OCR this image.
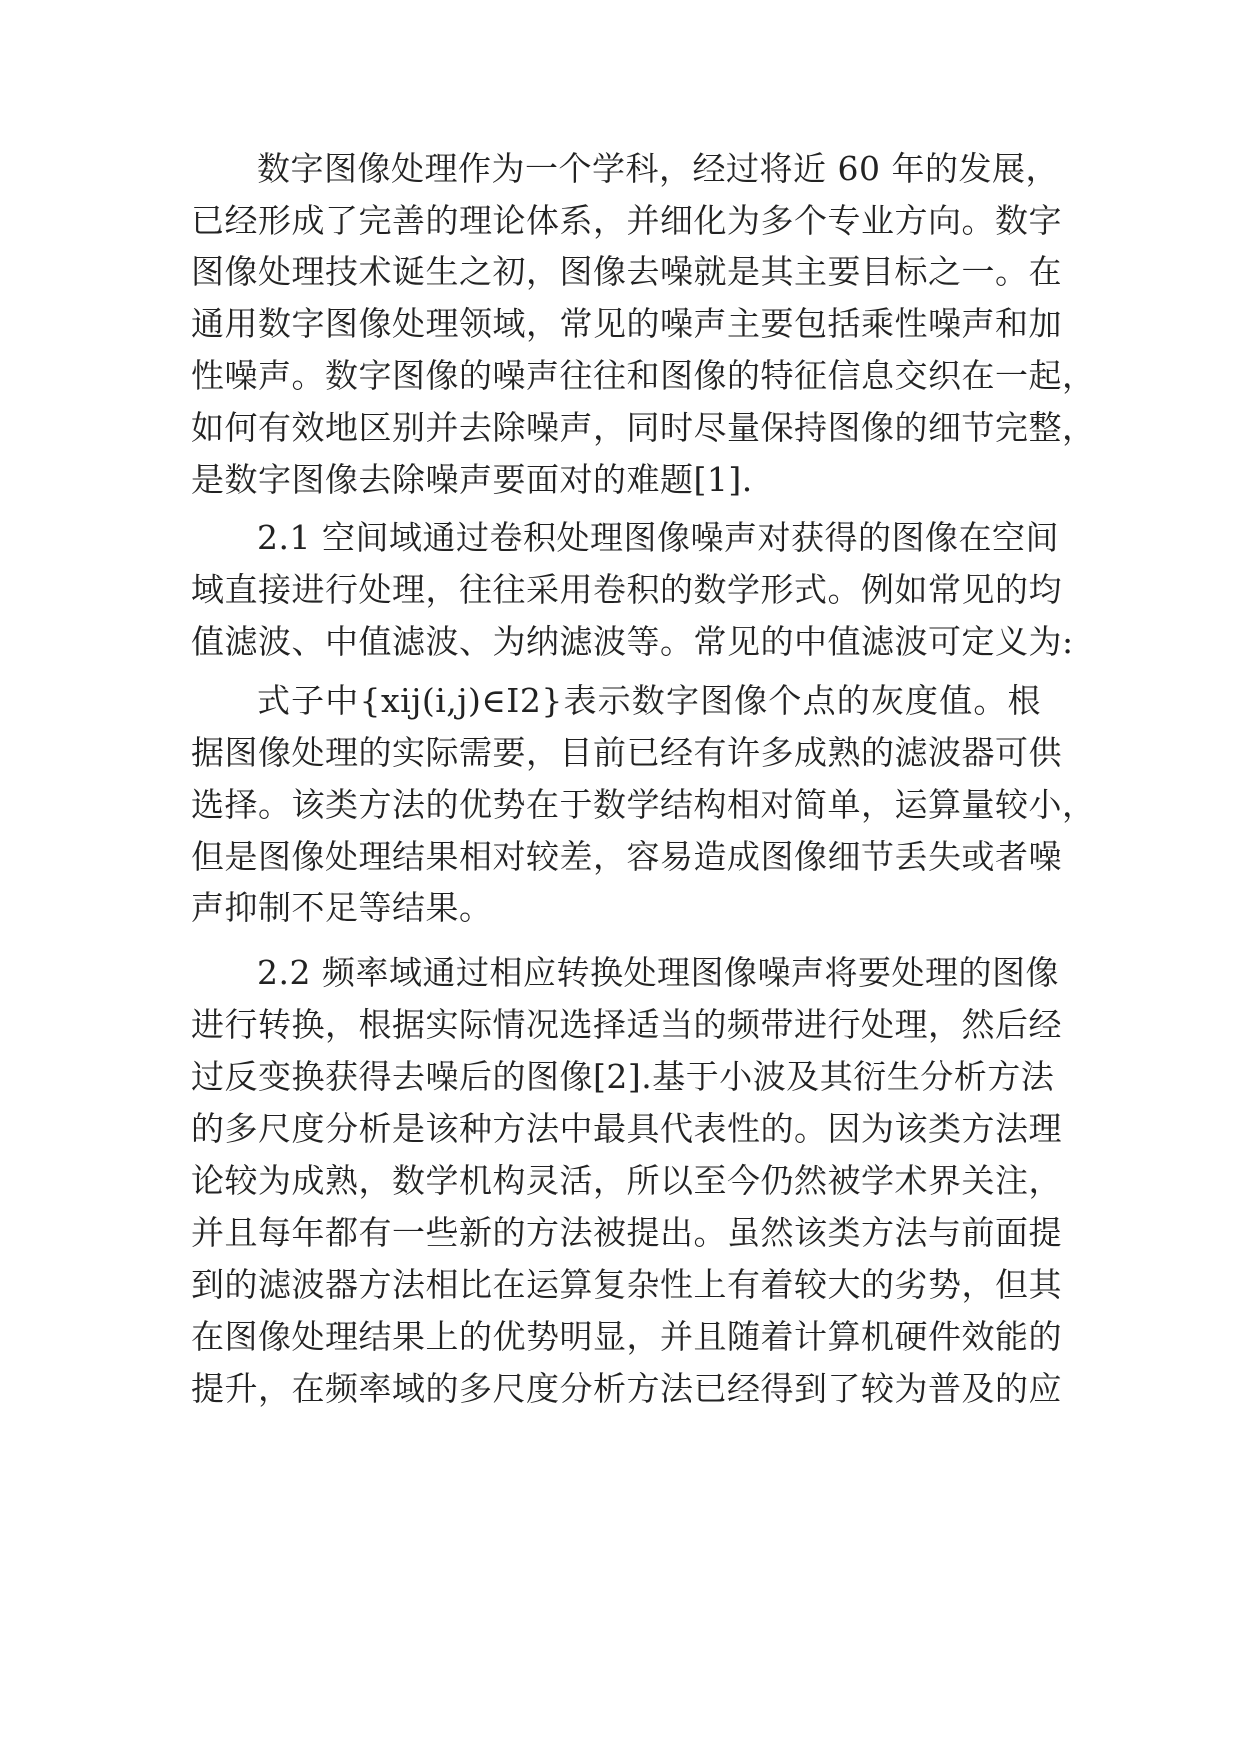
数字图像处理作为一个学科，经过将近 60 年的发展，
已经形成了完善的理论体系，并细化为多个专业方向。数字
图像处理技术诞生之初，图像去噪就是其主要目标之一。在
通用数字图像处理领域，常见的噪声主要包括乘性噪声和加
性噪声。数字图像的噪声往往和图像的特征信息交织在一起，
如何有效地区别并去除噪声，同时尽量保持图像的细节完整，
是数字图像去除噪声要面对的难题[1].
2.1 空间域通过卷积处理图像噪声对获得的图像在空间
域直接进行处理，往往采用卷积的数学形式。例如常见的均
值滤波、中值滤波、为纳滤波等。常见的中值滤波可定义为:
式子中{xij(i,j)∈I2}表示数字图像个点的灰度值。根
据图像处理的实际需要，目前已经有许多成熟的滤波器可供
选择。该类方法的优势在于数学结构相对简单，运算量较小，
但是图像处理结果相对较差，容易造成图像细节丢失或者噪
声抑制不足等结果。
2.2 频率域通过相应转换处理图像噪声将要处理的图像
进行转换，根据实际情况选择适当的频带进行处理，然后经
过反变换获得去噪后的图像[2].基于小波及其衍生分析方法
的多尺度分析是该种方法中最具代表性的。因为该类方法理
论较为成熟，数学机构灵活，所以至今仍然被学术界关注，
并且每年都有一些新的方法被提出。虽然该类方法与前面提
到的滤波器方法相比在运算复杂性上有着较大的劣势，但其
在图像处理结果上的优势明显，并且随着计算机硬件效能的
提升，在频率域的多尺度分析方法已经得到了较为普及的应
